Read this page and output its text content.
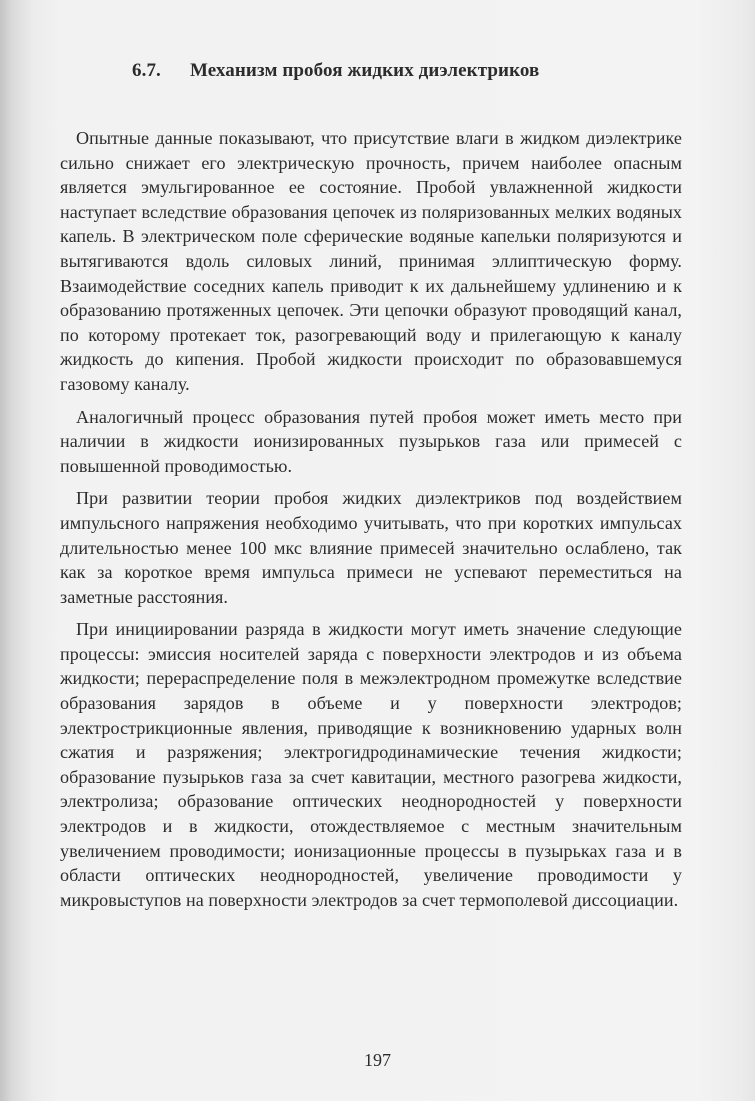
6.7. Механизм пробоя жидких диэлектриков

Опытные данные показывают, что присутствие влаги в жидком диэлектрике сильно снижает его электрическую прочность, причем наиболее опасным является эмульгированное ее состояние. Пробой увлажненной жидкости наступает вследствие образования цепочек из поляризованных мелких водяных капель. В электрическом поле сферические водяные капельки поляризуются и вытягиваются вдоль силовых линий, принимая эллиптическую форму. Взаимодействие соседних капель приводит к их дальнейшему удлинению и к образованию протяженных цепочек. Эти цепочки образуют проводящий канал, по которому протекает ток, разогревающий воду и прилегающую к каналу жидкость до кипения. Пробой жидкости происходит по образовавшемуся газовому каналу.

Аналогичный процесс образования путей пробоя может иметь место при наличии в жидкости ионизированных пузырьков газа или примесей с повышенной проводимостью.

При развитии теории пробоя жидких диэлектриков под воздействием импульсного напряжения необходимо учитывать, что при коротких импульсах длительностью менее 100 мкс влияние примесей значительно ослаблено, так как за короткое время импульса примеси не успевают переместиться на заметные расстояния.

При инициировании разряда в жидкости могут иметь значение следующие процессы: эмиссия носителей заряда с поверхности электродов и из объема жидкости; перераспределение поля в межэлектродном промежутке вследствие образования зарядов в объеме и у поверхности электродов; электрострикционные явления, приводящие к возникновению ударных волн сжатия и разряжения; электрогидродинамические течения жидкости; образование пузырьков газа за счет кавитации, местного разогрева жидкости, электролиза; образование оптических неоднородностей у поверхности электродов и в жидкости, отождествляемое с местным значительным увеличением проводимости; ионизационные процессы в пузырьках газа и в области оптических неоднородностей, увеличение проводимости у микровыступов на поверхности электродов за счет термополевой диссоциации.

197
